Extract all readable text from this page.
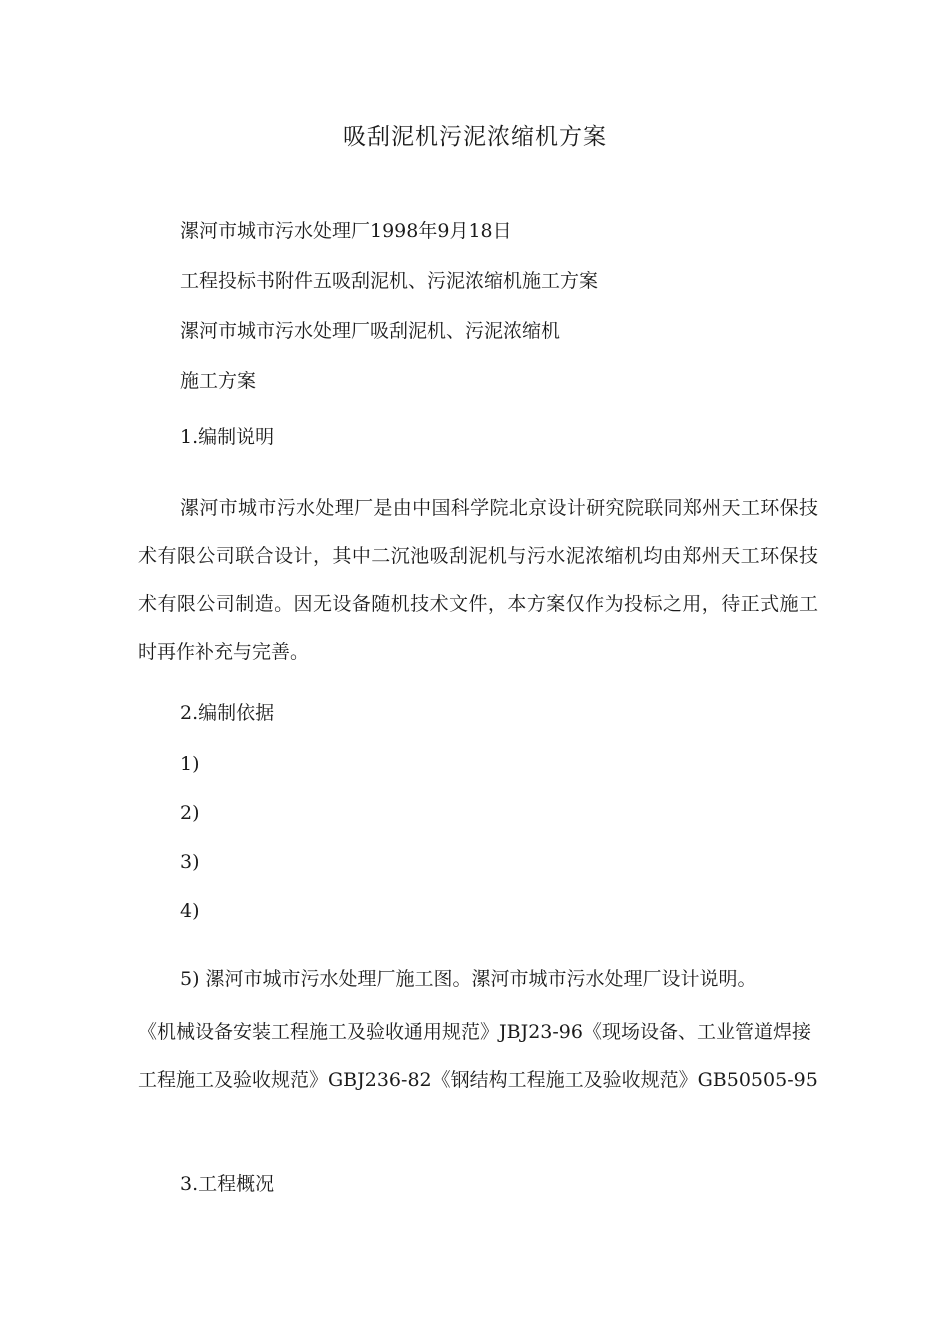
吸刮泥机污泥浓缩机方案

漯河市城市污水处理厂1998年9月18日

工程投标书附件五吸刮泥机、污泥浓缩机施工方案

漯河市城市污水处理厂吸刮泥机、污泥浓缩机

施工方案

1.编制说明

漯河市城市污水处理厂是由中国科学院北京设计研究院联同郑州天工环保技术有限公司联合设计，其中二沉池吸刮泥机与污水泥浓缩机均由郑州天工环保技术有限公司制造。因无设备随机技术文件，本方案仅作为投标之用，待正式施工时再作补充与完善。

2.编制依据

1)

2)

3)

4)

5) 漯河市城市污水处理厂施工图。漯河市城市污水处理厂设计说明。

《机械设备安装工程施工及验收通用规范》JBJ23-96《现场设备、工业管道焊接工程施工及验收规范》GBJ236-82《钢结构工程施工及验收规范》GB50505-95

3.工程概况
